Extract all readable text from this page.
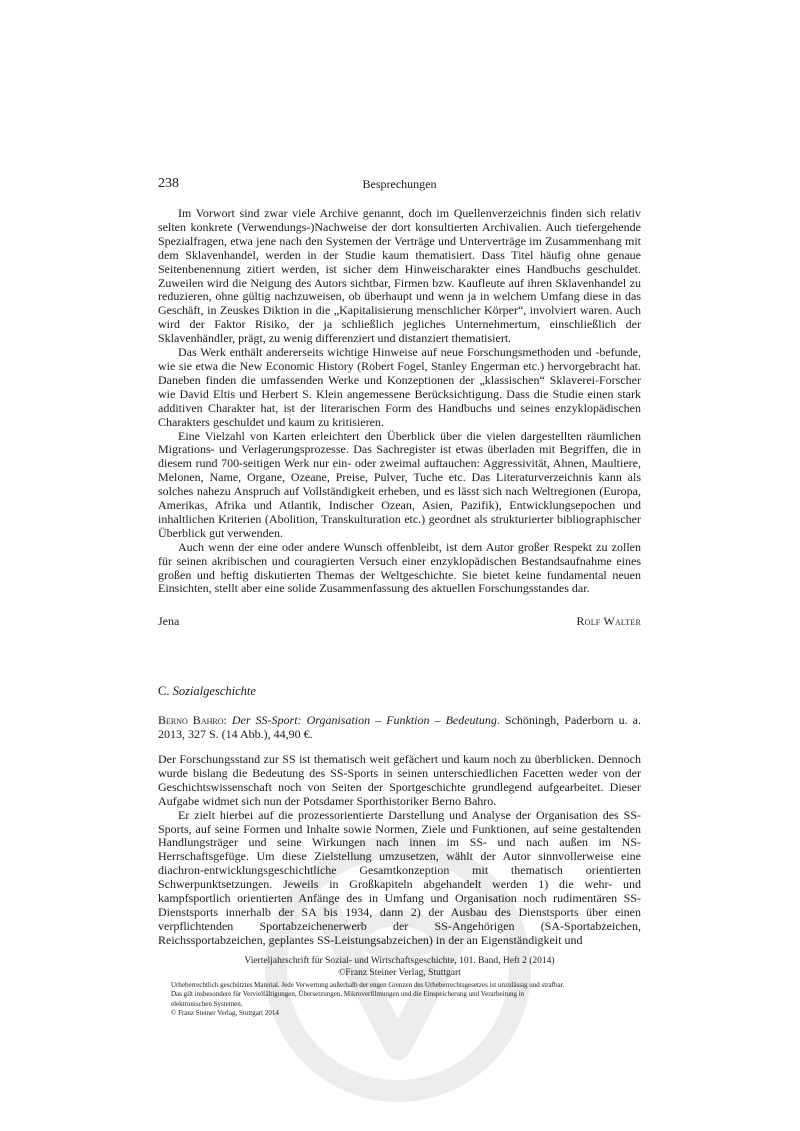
238	Besprechungen

Im Vorwort sind zwar viele Archive genannt, doch im Quellenverzeichnis finden sich relativ selten konkrete (Verwendungs-)Nachweise der dort konsultierten Archivalien. Auch tiefergehende Spezialfragen, etwa jene nach den Systemen der Verträge und Unterverträge im Zusammenhang mit dem Sklavenhandel, werden in der Studie kaum thematisiert. Dass Titel häufig ohne genaue Seitenbenennung zitiert werden, ist sicher dem Hinweischarakter eines Handbuchs geschuldet. Zuweilen wird die Neigung des Autors sichtbar, Firmen bzw. Kaufleute auf ihren Sklavenhandel zu reduzieren, ohne gültig nachzuweisen, ob überhaupt und wenn ja in welchem Umfang diese in das Geschäft, in Zeuskes Diktion in die „Kapitalisierung menschlicher Körper“, involviert waren. Auch wird der Faktor Risiko, der ja schließlich jegliches Unternehmertum, einschließlich der Sklavenhändler, prägt, zu wenig differenziert und distanziert thematisiert.

Das Werk enthält andererseits wichtige Hinweise auf neue Forschungsmethoden und -befunde, wie sie etwa die New Economic History (Robert Fogel, Stanley Engerman etc.) hervorgebracht hat. Daneben finden die umfassenden Werke und Konzeptionen der „klassischen“ Sklaverei-Forscher wie David Eltis und Herbert S. Klein angemessene Berücksichtigung. Dass die Studie einen stark additiven Charakter hat, ist der literarischen Form des Handbuchs und seines enzyklopädischen Charakters geschuldet und kaum zu kritisieren.

Eine Vielzahl von Karten erleichtert den Überblick über die vielen dargestellten räumlichen Migrations- und Verlagerungsprozesse. Das Sachregister ist etwas überladen mit Begriffen, die in diesem rund 700-seitigen Werk nur ein- oder zweimal auftauchen: Aggressivität, Ahnen, Maultiere, Melonen, Name, Organe, Ozeane, Preise, Pulver, Tuche etc. Das Literaturverzeichnis kann als solches nahezu Anspruch auf Vollständigkeit erheben, und es lässt sich nach Weltregionen (Europa, Amerikas, Afrika und Atlantik, Indischer Ozean, Asien, Pazifik), Entwicklungsepochen und inhaltlichen Kriterien (Abolition, Transkulturation etc.) geordnet als strukturierter bibliographischer Überblick gut verwenden.

Auch wenn der eine oder andere Wunsch offenbleibt, ist dem Autor großer Respekt zu zollen für seinen akribischen und couragierten Versuch einer enzyklopädischen Bestandsaufnahme eines großen und heftig diskutierten Themas der Weltgeschichte. Sie bietet keine fundamental neuen Einsichten, stellt aber eine solide Zusammenfassung des aktuellen Forschungsstandes dar.

Jena	Rolf Walter
C. Sozialgeschichte
Berno Bahro: Der SS-Sport: Organisation – Funktion – Bedeutung. Schöningh, Paderborn u. a. 2013, 327 S. (14 Abb.), 44,90 €.

Der Forschungsstand zur SS ist thematisch weit gefächert und kaum noch zu überblicken. Dennoch wurde bislang die Bedeutung des SS-Sports in seinen unterschiedlichen Facetten weder von der Geschichtswissenschaft noch von Seiten der Sportgeschichte grundlegend aufgearbeitet. Dieser Aufgabe widmet sich nun der Potsdamer Sporthistoriker Berno Bahro.

Er zielt hierbei auf die prozessorientierte Darstellung und Analyse der Organisation des SS-Sports, auf seine Formen und Inhalte sowie Normen, Ziele und Funktionen, auf seine gestaltenden Handlungsträger und seine Wirkungen nach innen im SS- und nach außen im NS-Herrschaftsgefüge. Um diese Zielstellung umzusetzen, wählt der Autor sinnvollerweise eine diachron-entwicklungsgeschichtliche Gesamtkonzeption mit thematisch orientierten Schwerpunktsetzungen. Jeweils in Großkapiteln abgehandelt werden 1) die wehr- und kampfsportlich orientierten Anfänge des in Umfang und Organisation noch rudimentären SS-Dienstsports innerhalb der SA bis 1934, dann 2) der Ausbau des Dienstsports über einen verpflichtenden Sportabzeichenerwerb der SS-Angehörigen (SA-Sportabzeichen, Reichssportabzeichen, geplantes SS-Leistungsabzeichen) in der an Eigenständigkeit und

Vierteljahrschrift für Sozial- und Wirtschaftsgeschichte, 101. Band, Heft 2 (2014)
©Franz Steiner Verlag, Stuttgart
Urheberrechtlich geschütztes Material. Jede Verwertung außerhalb der engen Grenzen des Urheberrechtsgesetzes ist unzulässig und strafbar.
Das gilt insbesondere für Vervielfältigungen, Übersetzungen, Mikroverfilmungen und die Einspeicherung und Verarbeitung in
elektronischen Systemen.
© Franz Steiner Verlag, Stuttgart 2014
